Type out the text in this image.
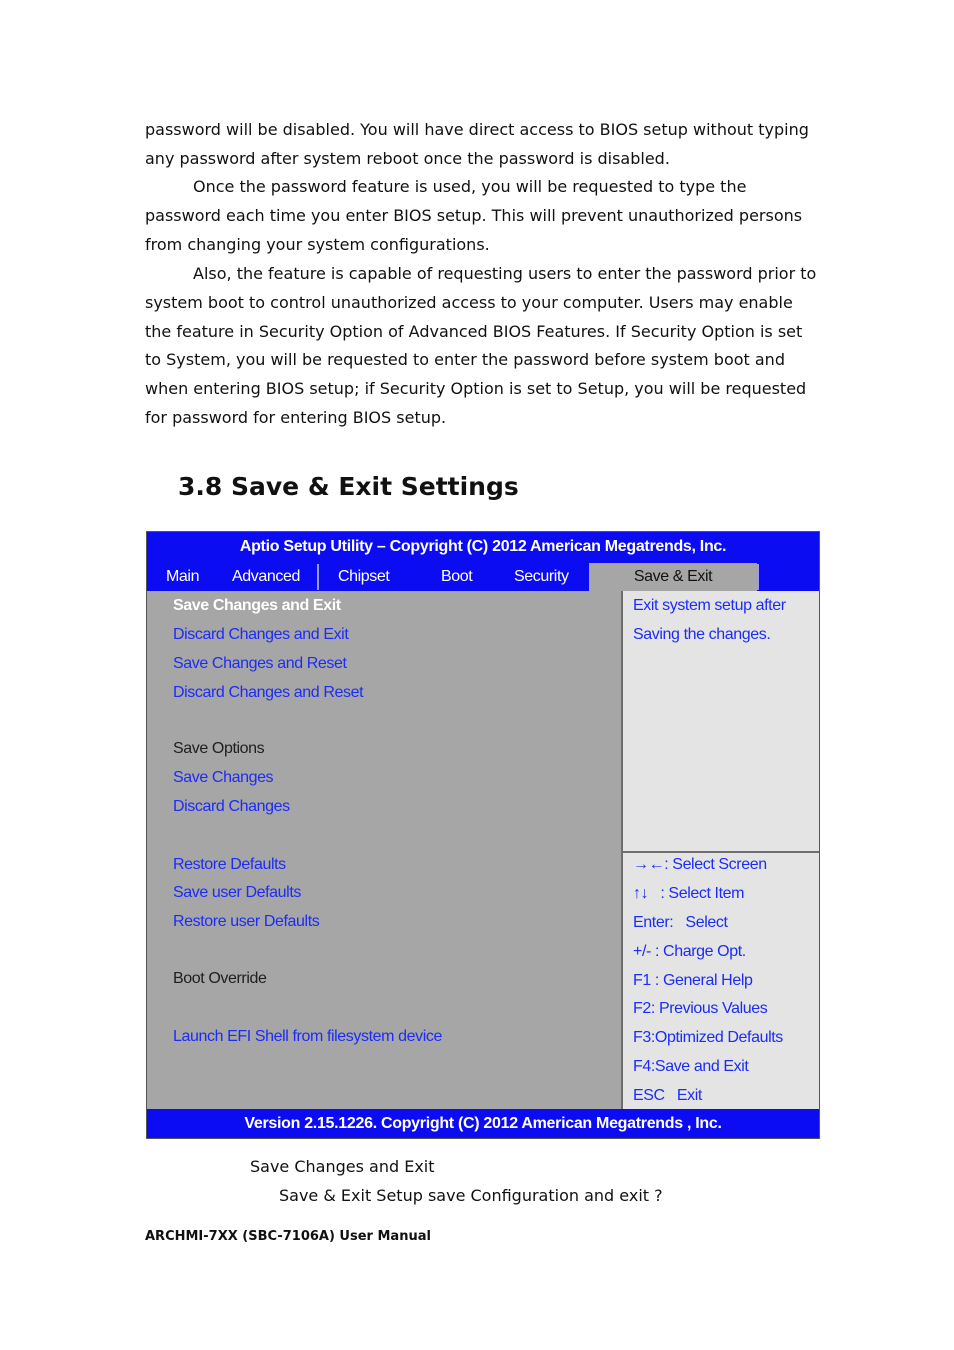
password will be disabled. You will have direct access to BIOS setup without typing any password after system reboot once the password is disabled.

Once the password feature is used, you will be requested to type the password each time you enter BIOS setup. This will prevent unauthorized persons from changing your system configurations.

Also, the feature is capable of requesting users to enter the password prior to system boot to control unauthorized access to your computer. Users may enable the feature in Security Option of Advanced BIOS Features. If Security Option is set to System, you will be requested to enter the password before system boot and when entering BIOS setup; if Security Option is set to Setup, you will be requested for password for entering BIOS setup.

3.8 Save & Exit Settings
Aptio Setup Utility – Copyright (C) 2012 American Megatrends, Inc.
Main Advanced Chipset	Boot	Security	Save & Exit
Save Changes and Exit
Discard Changes and Exit
Save Changes and Reset
Discard Changes and Reset
Save Options
Save Changes
Discard Changes
Restore Defaults
Save user Defaults
Restore user Defaults
Boot Override
Launch EFI Shell from filesystem device
Exit system setup after
Saving the changes.
→←: Select Screen
↑↓   : Select Item
Enter:   Select
+/- : Charge Opt.
F1 : General Help
F2: Previous Values
F3:Optimized Defaults
F4:Save and Exit
ESC   Exit
Version 2.15.1226. Copyright (C) 2012 American Megatrends , Inc.

Save Changes and Exit

Save & Exit Setup save Configuration and exit ?

ARCHMI-7XX (SBC-7106A) User Manual
